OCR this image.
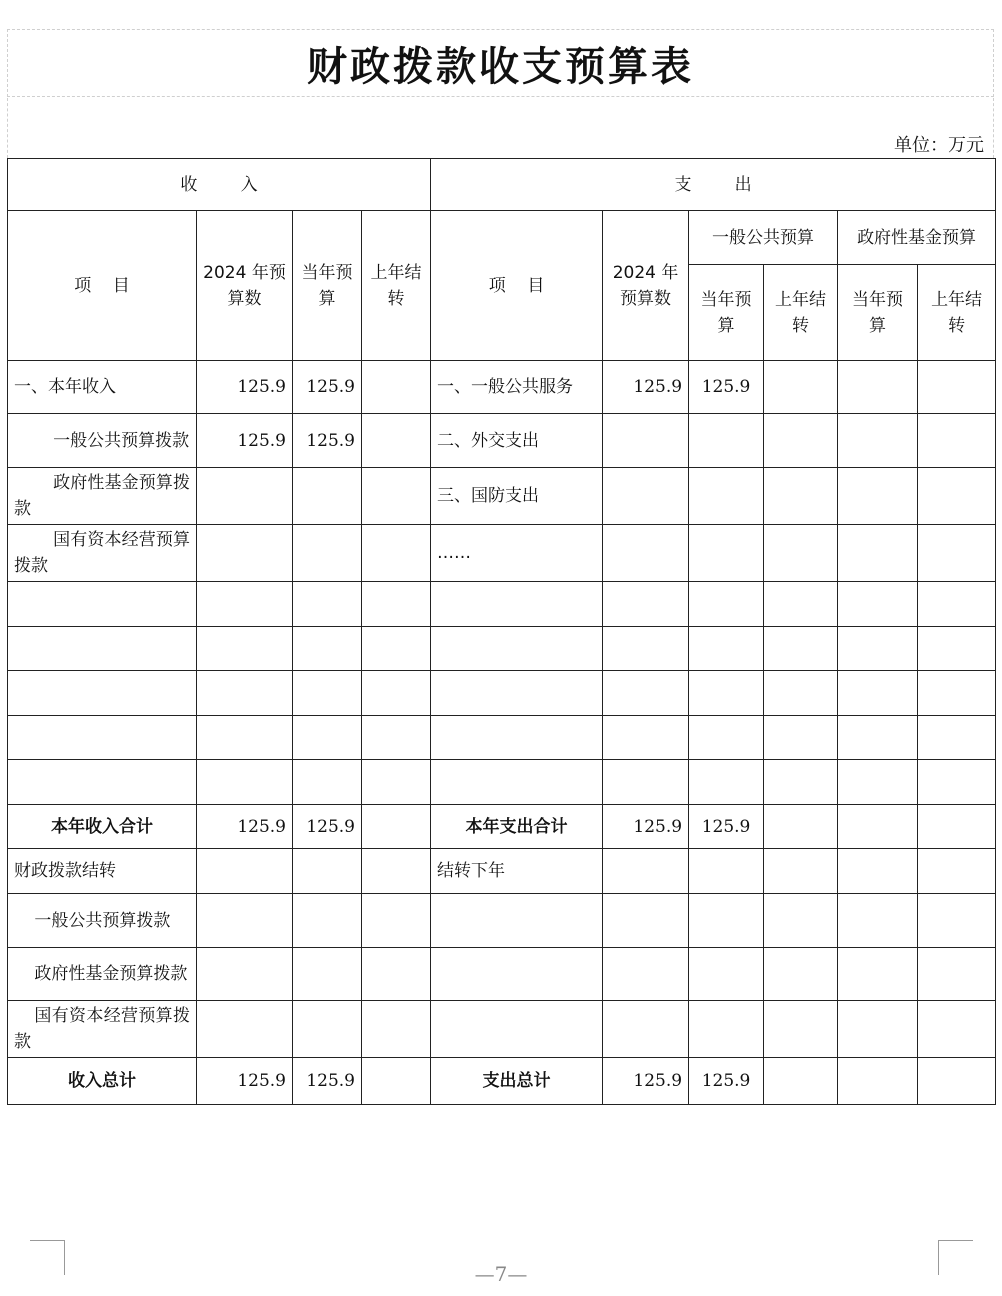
财政拨款收支预算表
单位：万元
收        入				支        出					
项    目	2024 年预算数	当年预算	上年结转	项    目	2024 年预算数	一般公共预算		政府性基金预算	
						当年预算	上年结转	当年预算	上年结转
一、本年收入	125.9	125.9		一、一般公共服务	125.9	125.9			
一般公共预算拨款	125.9	125.9		二、外交支出					
政府性基金预算拨款				三、国防支出					
国有资本经营预算拨款				……					

本年收入合计	125.9	125.9		本年支出合计	125.9	125.9			
财政拨款结转				结转下年					
一般公共预算拨款									
政府性基金预算拨款									
国有资本经营预算拨款									
收入总计	125.9	125.9		支出总计	125.9	125.9			
—7—
